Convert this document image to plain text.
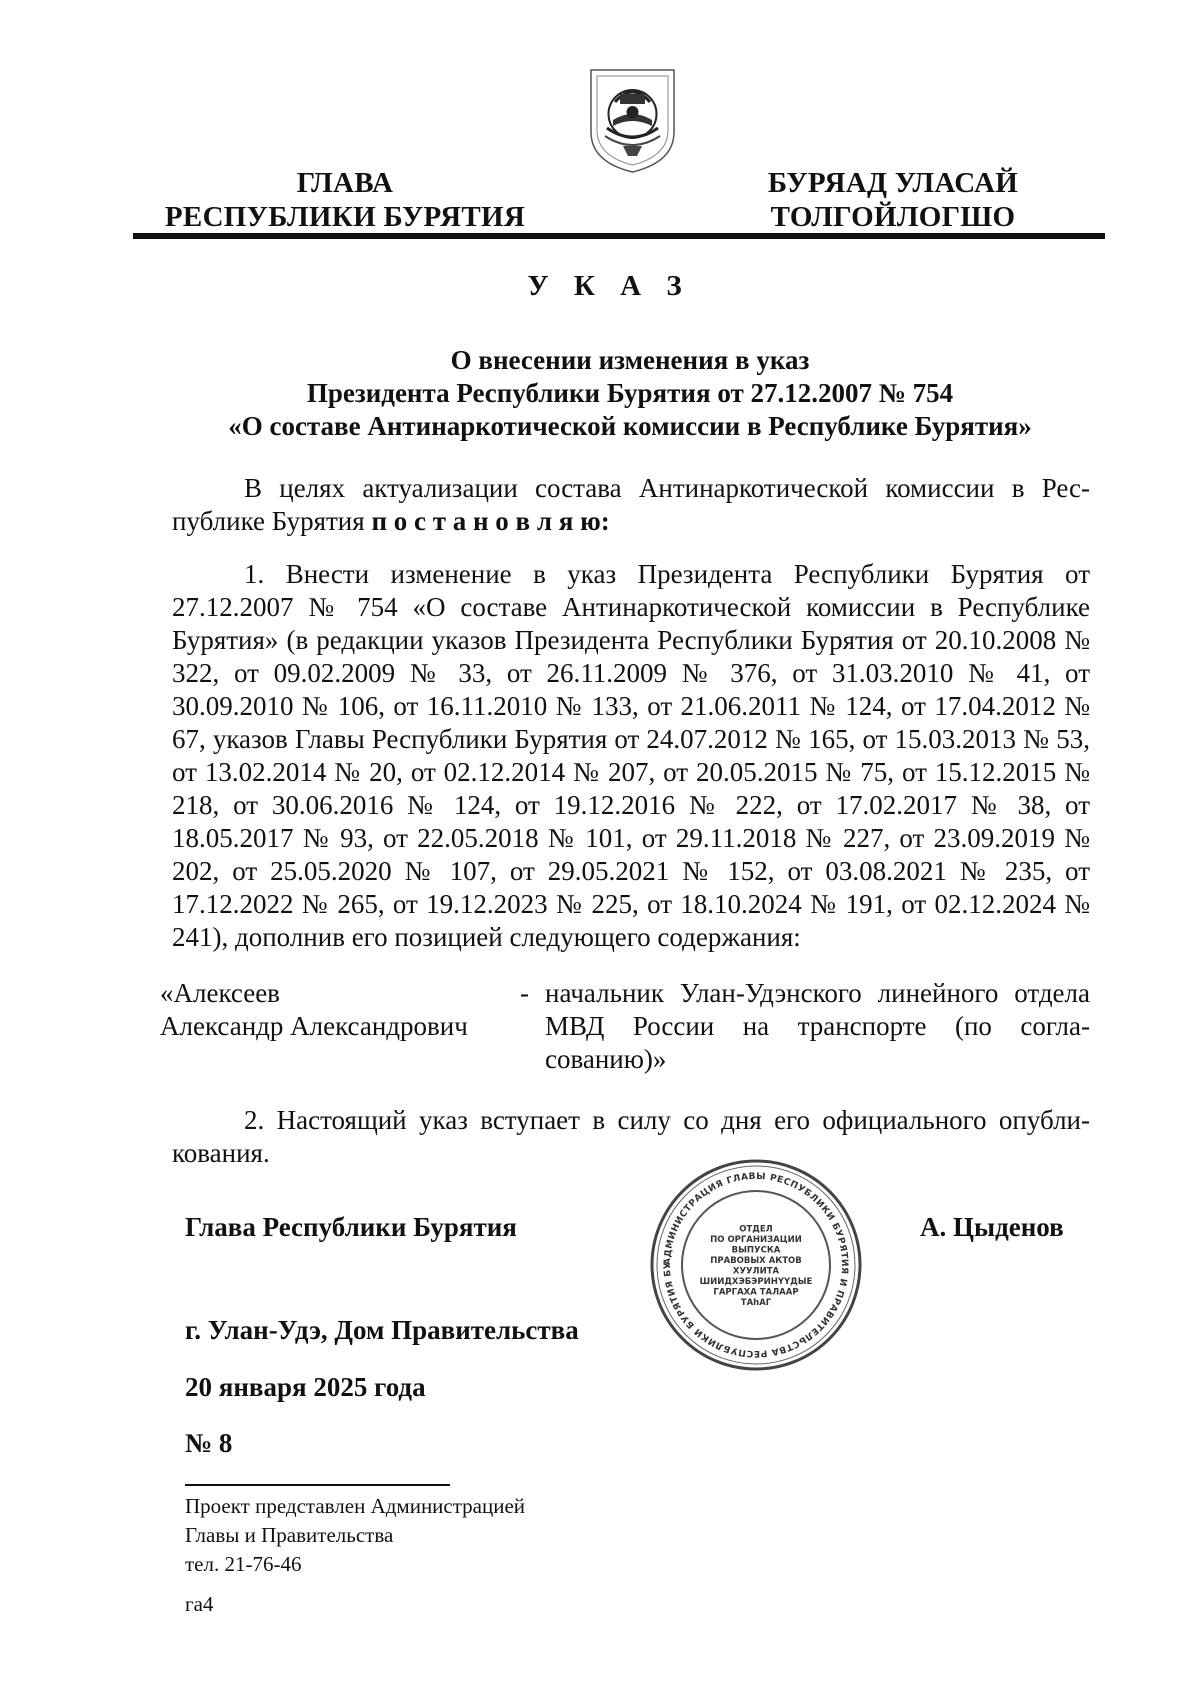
ГЛАВА
РЕСПУБЛИКИ БУРЯТИЯ
БУРЯАД УЛАСАЙ
ТОЛГОЙЛОГШО
У К А З
О внесении изменения в указ
Президента Республики Бурятия от 27.12.2007 № 754
«О составе Антинаркотической комиссии в Республике Бурятия»
В целях актуализации состава Антинаркотической комиссии в Республике Бурятия п о с т а н о в л я ю:
1. Внести изменение в указ Президента Республики Бурятия от 27.12.2007 № 754 «О составе Антинаркотической комиссии в Республике Бурятия» (в редакции указов Президента Республики Бурятия от 20.10.2008 № 322, от 09.02.2009 № 33, от 26.11.2009 № 376, от 31.03.2010 № 41, от 30.09.2010 № 106, от 16.11.2010 № 133, от 21.06.2011 № 124, от 17.04.2012 № 67, указов Главы Республики Бурятия от 24.07.2012 № 165, от 15.03.2013 № 53, от 13.02.2014 № 20, от 02.12.2014 № 207, от 20.05.2015 № 75, от 15.12.2015 № 218, от 30.06.2016 № 124, от 19.12.2016 № 222, от 17.02.2017 № 38, от 18.05.2017 № 93, от 22.05.2018 № 101, от 29.11.2018 № 227, от 23.09.2019 № 202, от 25.05.2020 № 107, от 29.05.2021 № 152, от 03.08.2021 № 235, от 17.12.2022 № 265, от 19.12.2023 № 225, от 18.10.2024 № 191, от 02.12.2024 № 241), дополнив его позицией следующего содержания:
«Алексеев
Александр Александрович
- начальник Улан-Удэнского линейного отдела МВД России на транспорте (по согласованию)»
2. Настоящий указ вступает в силу со дня его официального опубликования.
Глава Республики Бурятия	А. Цыденов
АДМИНИСТРАЦИЯ ГЛАВЫ РЕСПУБЛИКИ БУРЯТИЯ И ПРАВИТЕЛЬСТВА РЕСПУБЛИКИ БУРЯТИЯ БУ
ОТДЕЛ
ПО ОРГАНИЗАЦИИ
ВЫПУСКА
ПРАВОВЫХ АКТОВ
ХУУЛИТА
ШИИДХЭБЭРИНҮҮДЫЕ
ГАРГАХА ТАЛААР
ТАһАГ
г. Улан-Удэ, Дом Правительства
20 января 2025 года
№ 8
Проект представлен Администрацией
Главы и Правительства
тел. 21-76-46
га4
